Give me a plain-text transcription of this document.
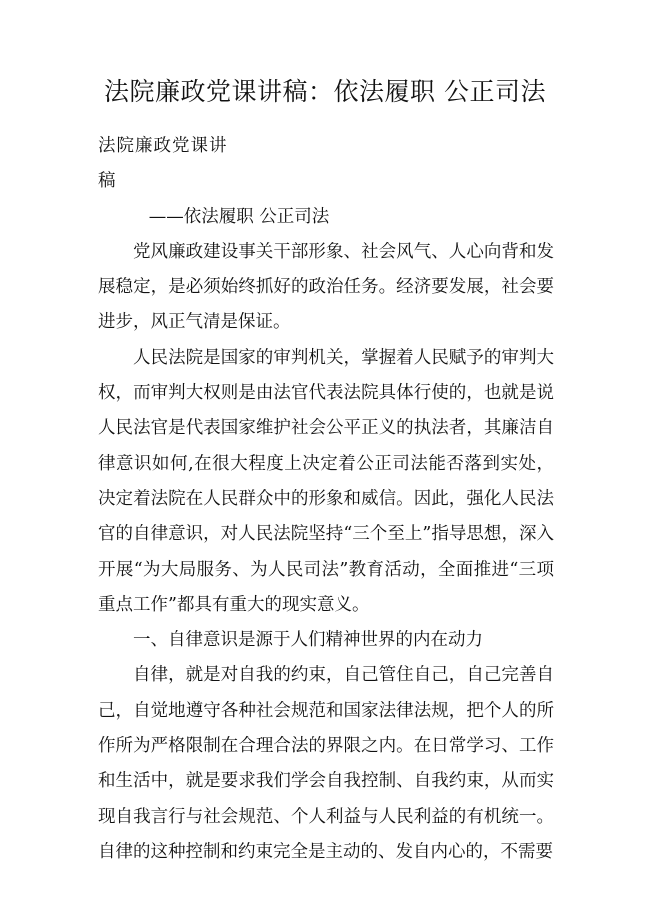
法院廉政党课讲稿：依法履职 公正司法

法院廉政党课讲

稿

——依法履职 公正司法

党风廉政建设事关干部形象、社会风气、人心向背和发展稳定，是必须始终抓好的政治任务。经济要发展，社会要进步，风正气清是保证。

人民法院是国家的审判机关，掌握着人民赋予的审判大权，而审判大权则是由法官代表法院具体行使的，也就是说人民法官是代表国家维护社会公平正义的执法者，其廉洁自律意识如何,在很大程度上决定着公正司法能否落到实处，决定着法院在人民群众中的形象和威信。因此，强化人民法官的自律意识，对人民法院坚持“三个至上”指导思想，深入开展“为大局服务、为人民司法”教育活动，全面推进“三项重点工作”都具有重大的现实意义。

一、自律意识是源于人们精神世界的内在动力

自律，就是对自我的约束，自己管住自己，自己完善自己，自觉地遵守各种社会规范和国家法律法规，把个人的所作所为严格限制在合理合法的界限之内。在日常学习、工作和生活中，就是要求我们学会自我控制、自我约束，从而实现自我言行与社会规范、个人利益与人民利益的有机统一。自律的这种控制和约束完全是主动的、发自内心的，不需要
